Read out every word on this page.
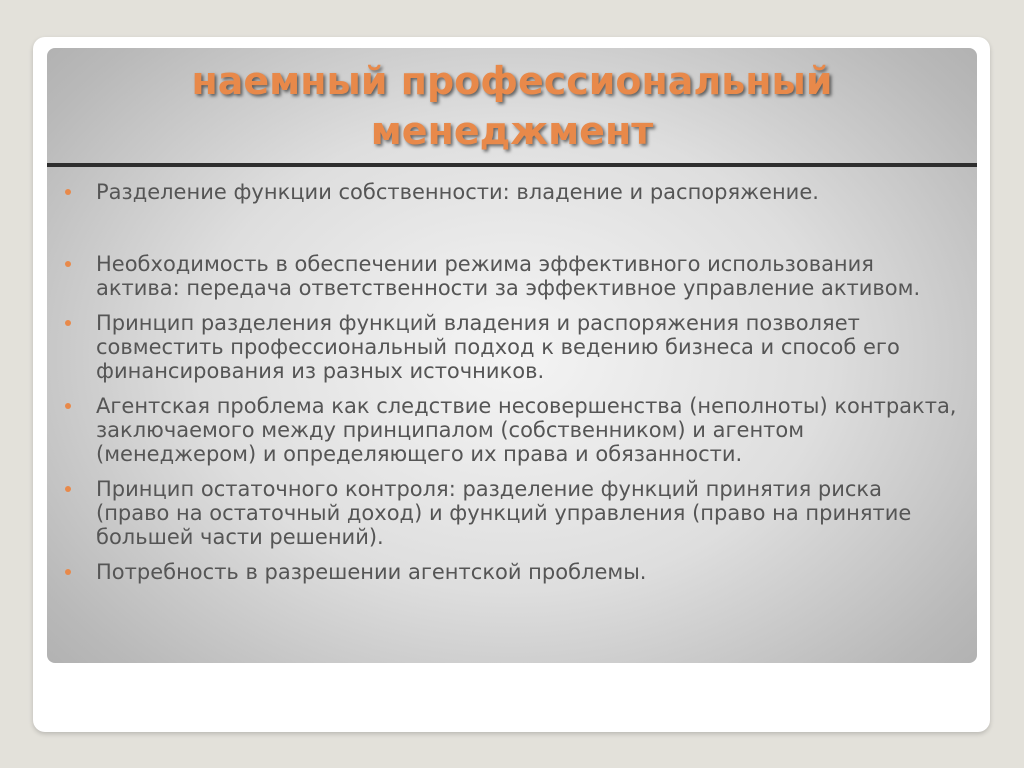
наемный профессиональный
менеджмент
Разделение функции собственности: владение и распоряжение.
Необходимость в обеспечении режима эффективного использования актива: передача ответственности за эффективное управление активом.
Принцип разделения функций владения и распоряжения позволяет совместить профессиональный подход к ведению бизнеса и способ его финансирования из разных источников.
Агентская проблема как следствие несовершенства (неполноты) контракта, заключаемого между принципалом (собственником) и агентом (менеджером) и определяющего их права и обязанности.
Принцип остаточного контроля: разделение функций принятия риска (право на остаточный доход) и функций управления (право на принятие большей части решений).
Потребность в разрешении агентской проблемы.
